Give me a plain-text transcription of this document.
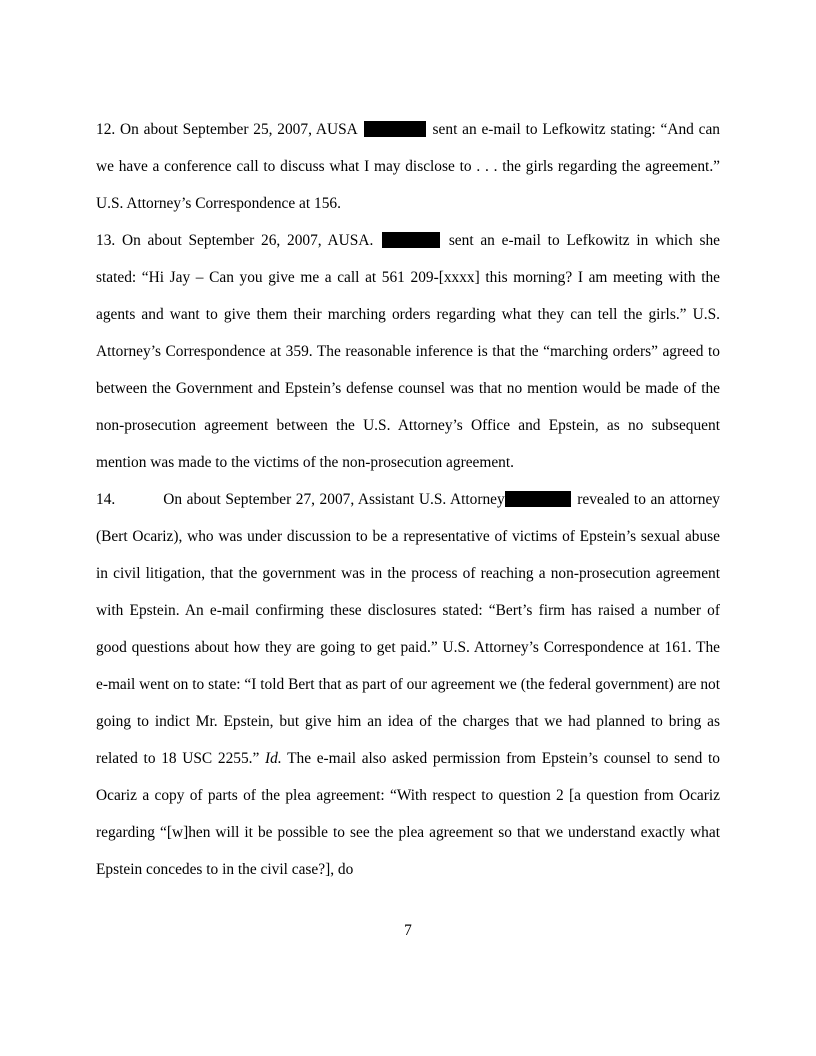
12. On about September 25, 2007, AUSA	sent an e-mail to Lefkowitz stating: “And can we have a conference call to discuss what I may disclose to . . . the girls regarding the agreement.” U.S. Attorney’s Correspondence at 156.

13. On about September 26, 2007, AUSA.	sent an e-mail to Lefkowitz in which she stated: “Hi Jay – Can you give me a call at 561 209-[xxxx] this morning? I am meeting with the agents and want to give them their marching orders regarding what they can tell the girls.” U.S. Attorney’s Correspondence at 359. The reasonable inference is that the “marching orders” agreed to between the Government and Epstein’s defense counsel was that no mention would be made of the non-prosecution agreement between the U.S. Attorney’s Office and Epstein, as no subsequent mention was made to the victims of the non-prosecution agreement.

14.	On about September 27, 2007, Assistant U.S. Attorney	revealed to an attorney (Bert Ocariz), who was under discussion to be a representative of victims of Epstein’s sexual abuse in civil litigation, that the government was in the process of reaching a non-prosecution agreement with Epstein. An e-mail confirming these disclosures stated: “Bert’s firm has raised a number of good questions about how they are going to get paid.” U.S. Attorney’s Correspondence at 161. The e-mail went on to state: “I told Bert that as part of our agreement we (the federal government) are not going to indict Mr. Epstein, but give him an idea of the charges that we had planned to bring as related to 18 USC 2255.” Id. The e-mail also asked permission from Epstein’s counsel to send to Ocariz a copy of parts of the plea agreement: “With respect to question 2 [a question from Ocariz regarding “[w]hen will it be possible to see the plea agreement so that we understand exactly what Epstein concedes to in the civil case?], do

7
